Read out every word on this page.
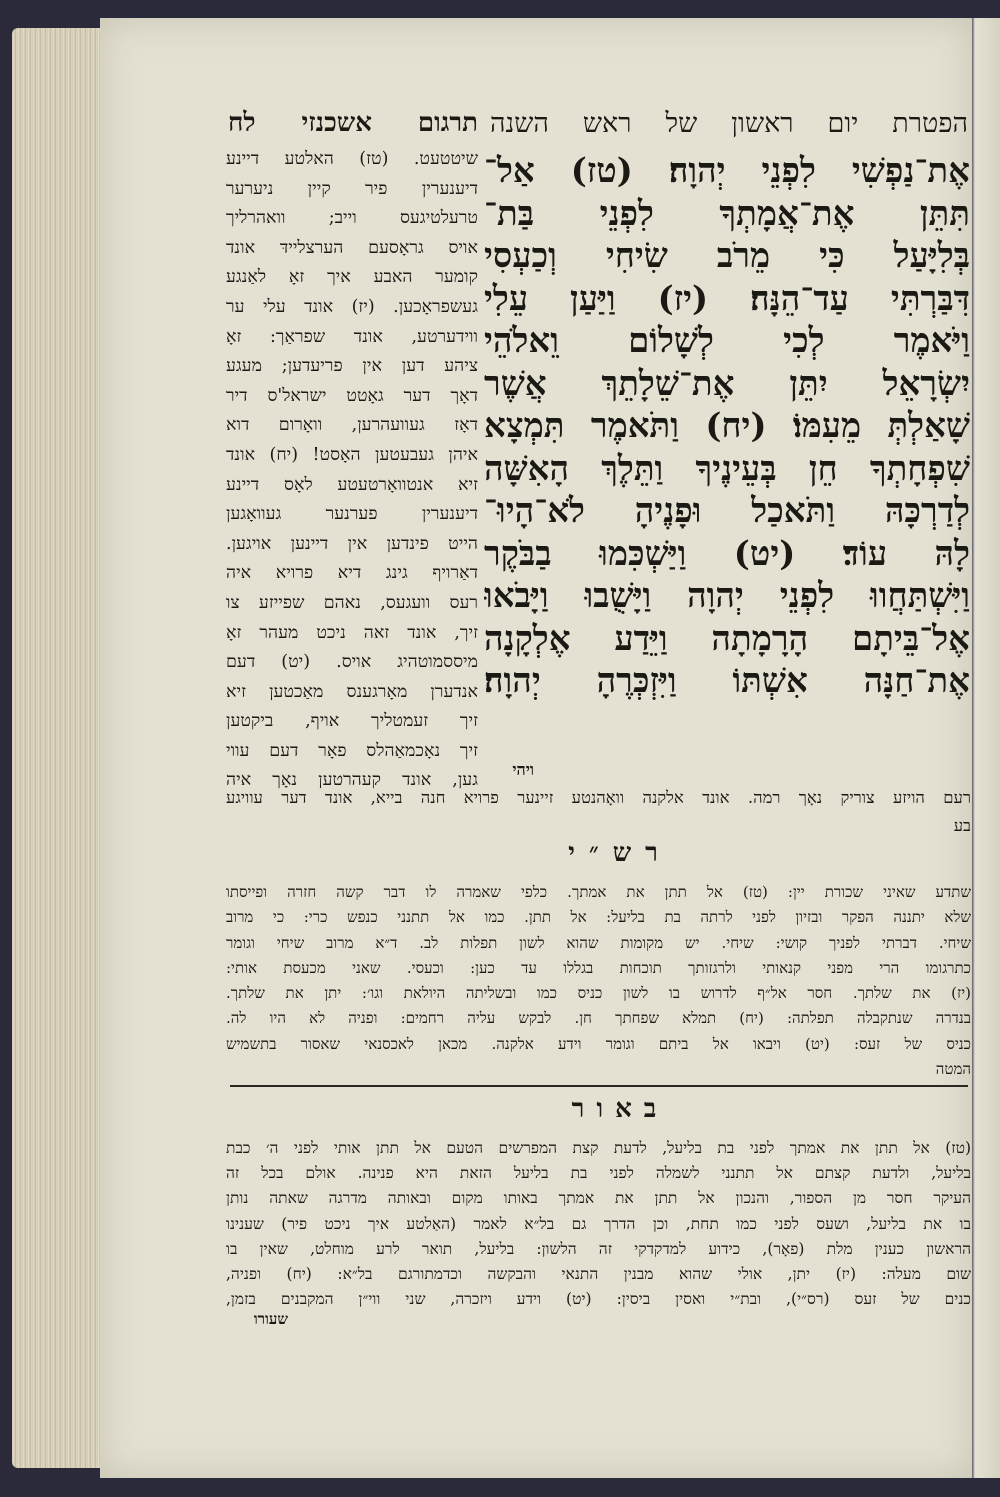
הפטרת יום ראשון של ראש השנה
תרגום אשכנזי לח
אֶת־נַפְשִׁי לִפְנֵי יְהוָה׃ (טז) אַל־
תִּתֵּן אֶת־אֲמָתְךָ לִפְנֵי בַּת־
בְּלִיָּעַל כִּי מֵרֹב שִׂיחִי וְכַעְסִי
דִּבַּרְתִּי עַד־הֵנָּה׃ (יז) וַיַּעַן עֵלִי
וַיֹּאמֶר לְכִי לְשָׁלוֹם וֵאלֹהֵי
יִשְׂרָאֵל יִתֵּן אֶת־שֵׁלָתֵךְ אֲשֶׁר
שָׁאַלְתְּ מֵעִמּוֹ׃ (יח) וַתֹּאמֶר תִּמְצָא
שִׁפְחָתְךָ חֵן בְּעֵינֶיךָ וַתֵּלֶךְ הָאִשָּׁה
לְדַרְכָּהּ וַתֹּאכַל וּפָנֶיהָ לֹא־הָיוּ־
לָהּ עוֹד׃ (יט) וַיַּשְׁכִּמוּ בַבֹּקֶר
וַיִּשְׁתַּחֲווּ לִפְנֵי יְהוָה וַיָּשֻׁבוּ וַיָּבֹאוּ
אֶל־בֵּיתָם הָרָמָתָה וַיֵּדַע אֶלְקָנָה
אֶת־חַנָּה אִשְׁתּוֹ וַיִּזְכְּרֶהָ יְהוָה׃
ויהי
שיטטעט. (טז) האלטע דיינע
דיענערין פיר קיין ניערער
טרעלטיגעס וייב; וואהרליך
אויס גראָסעם הערצליידּ אונד
קומער האבע איך זאָ לאַנגע
געשפראָכען. (יז) אונד עלי ער
ווידערטע, אונד שפראַך: זאָ
ציהע דען אין פריעדען; מעגע
דאָך דער גאָטט ישראל'ס דיר
דאָז געוועהרען, וואָרום דוא
איהן געבעטען האָסט! (יח) אונד
זיא אנטוואָרטעטע לאָס דיינע
דיענערין פערנער געוואָגען
הייט פינדען אין דיינען אויגען.
דאַרויף גינג דיא פרויא איה
רעס וועגעס, נאהם שפייזע צו
זיך, אונד זאה ניכט מעהר זאָ
מיססמוטהיג אויס. (יט) דעם
אנדערן מאָרגענס מאַכטען זיא
זיך זעמטליך אויף, ביקטען
זיך נאָכמאַהלס פאָר דעם עווי
גען, אונד קעהרטען נאָך איה
רעם הויזע צוריק נאָך רמה. אונד אלקנה וואָהנטע זיינער פרויא חנה בייא, אונד דער עוויגע
בע
רש״י
שתדע שאיני שכורת יין: (טז) אל תתן את אמתך. כלפי שאמרה לו דבר קשה חזרה ופייסתו
שלא יתננה הפקר ובזיון לפני לרתה בת בליעל: אל תתן. כמו אל תתנני כנפש כרי: כי מרוב
שיחי. דברתי לפניך קושי: שיחי. יש מקומות שהוא לשון תפלות לב. ד״א מרוב שיחי וגומר
כתרגומו הרי מפני קנאותי ולרגזותך תוכחות בגללו עד כען: וכעסי. שאני מכעסת אותי:
(יז) את שלתך. חסר אל״ף לדרוש בו לשון כניס כמו ובשליתה היולאת וגו׳: יתן את שלתך.
בנדרה שנתקבלה תפלתה: (יח) תמלא שפחתך חן. לבקש עליה רחמים: ופניה לא היו לה.
כניס של זעס: (יט) ויבאו אל ביתם וגומר וידע אלקנה. מכאן לאכסנאי שאסור בתשמיש
המטה
באור
(טז) אל תתן את אמתך לפני בת בליעל, לדעת קצת המפרשים הטעם אל תתן אותי לפני ה׳ כבת
בליעל, ולדעת קצתם אל תתנני לשמלה לפני בת בליעל הזאת היא פנינה. אולם בכל זה
העיקר חסר מן הספור, והנכון אל תתן את אמתך באותו מקום ובאותה מדרגה שאתה נותן
בו את בליעל, ושעס לפני כמו תחת, וכן הדרך גם בל״א לאמר (האַלטע איך ניכט פיר) שענינו
הראשון כענין מלת (פאָר), כידוע למדקדקי זה הלשון: בליעל, תואר לרע מוחלט, שאין בו
שום מעלה: (יז) יתן, אולי שהוא מבנין התנאי והבקשה וכדמתורגם בל״א: (יח) ופניה,
כנים של זעס (רס״י), ובת״י ואסין ביסין: (יט) וידע ויזכרה, שני ווי״ן המקבנים בזמן,
שעורו
